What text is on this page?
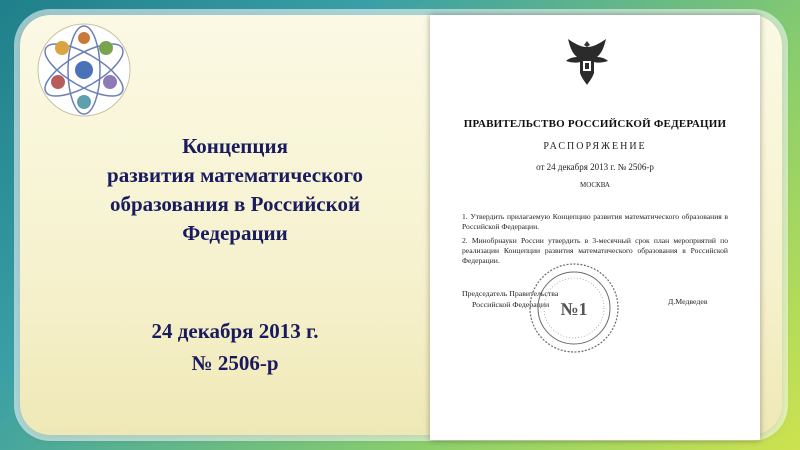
Концепция
развития математического
образования в Российской
Федерации
24 декабря 2013 г.
№ 2506-р
ПРАВИТЕЛЬСТВО РОССИЙСКОЙ ФЕДЕРАЦИИ
РАСПОРЯЖЕНИЕ
от 24 декабря 2013 г. № 2506-р
МОСКВА
1. Утвердить прилагаемую Концепцию развития математического образования в Российской Федерации.
2. Минобрнауки России утвердить в 3-месячный срок план мероприятий по реализации Концепции развития математического образования в Российской Федерации.
Председатель Правительства
Российской Федерации	Д.Медведев
№1
